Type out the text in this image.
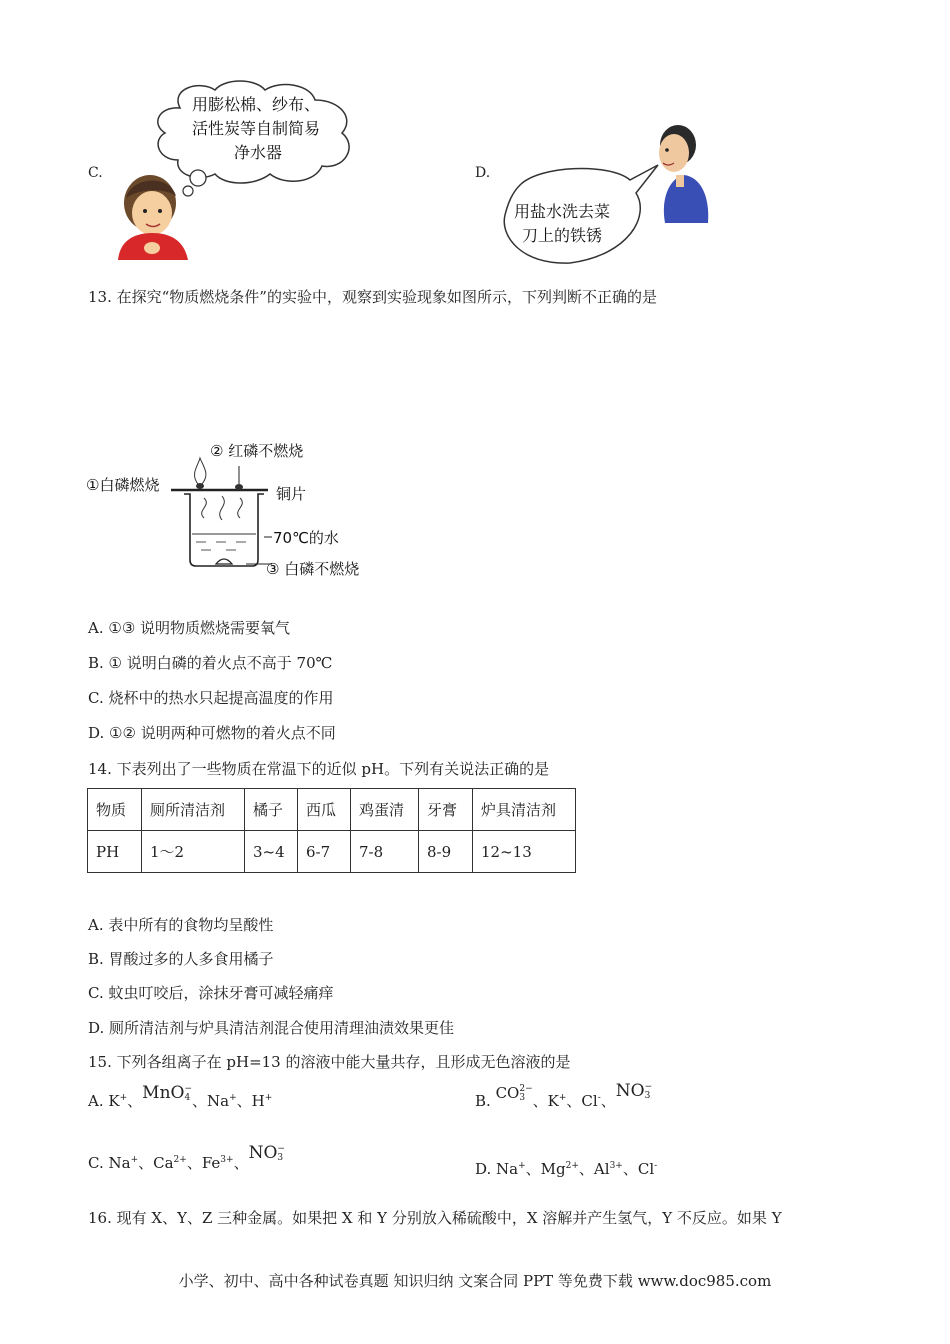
C.
用膨松棉、纱布、
活性炭等自制简易
净水器
D.
用盐水洗去菜
刀上的铁锈
13. 在探究“物质燃烧条件”的实验中，观察到实验现象如图所示，下列判断不正确的是
①白磷燃烧
② 红磷不燃烧
铜片
70℃的水
③ 白磷不燃烧
A. ①③ 说明物质燃烧需要氧气
B. ① 说明白磷的着火点不高于 70℃
C. 烧杯中的热水只起提高温度的作用
D. ①② 说明两种可燃物的着火点不同
14. 下表列出了一些物质在常温下的近似 pH。下列有关说法正确的是
物质	厕所清洁剂	橘子	西瓜	鸡蛋清	牙膏	炉具清洁剂
PH	1～2	3~4	6-7	7-8	8-9	12~13
A. 表中所有的食物均呈酸性
B. 胃酸过多的人多食用橘子
C. 蚊虫叮咬后，涂抹牙膏可减轻痛痒
D. 厕所清洁剂与炉具清洁剂混合使用清理油渍效果更佳
15. 下列各组离子在 pH=13 的溶液中能大量共存，且形成无色溶液的是
A. K+、MnO−
4 、Na+、H+	B. CO2−
3 、K+、Cl-、NO−
3
C. Na+、$Ca^{2+}$、$Fe^{3+}$、NO−
3
D. Na+、$Mg^{2+}$、$Al^{3+}$、Cl-
16. 现有 X、Y、Z 三种金属。如果把 X 和 Y 分别放入稀硫酸中，X 溶解并产生氢气，Y 不反应。如果 Y
小学、初中、高中各种试卷真题 知识归纳 文案合同 PPT 等免费下载 www.doc985.com
